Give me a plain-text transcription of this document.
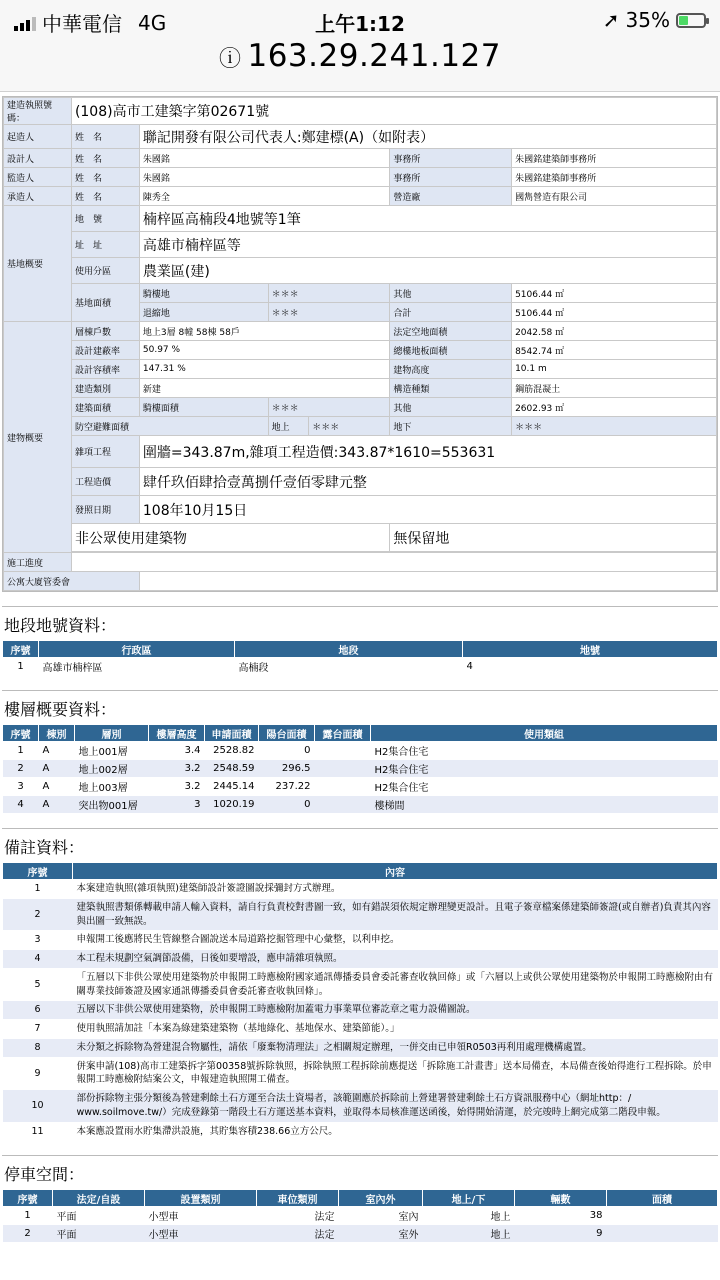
中華電信 4G	上午1:12	➚ 35%
ⓘ 163.29.241.127
建造執照號碼：	(108)高市工建築字第02671號					
起造人	姓　名	聯記開發有限公司代表人:鄭建標(A)（如附表）				
設計人	姓　名	朱國銘			事務所	朱國銘建築師事務所
監造人	姓　名	朱國銘			事務所	朱國銘建築師事務所
承造人	姓　名	陳秀全			營造廠	國雋營造有限公司
基地概要	地　號	楠梓區高楠段4地號等1筆				
	址　址	高雄市楠梓區等				
	使用分區	農業區(建)				
	基地面積	騎樓地	＊＊＊		其他	5106.44 ㎡
		退縮地	＊＊＊		合計	5106.44 ㎡
建物概要	層棟戶數	地上3層 8幢 58棟 58戶			法定空地面積	2042.58 ㎡
	設計建蔽率	50.97 %			總樓地板面積	8542.74 ㎡
	設計容積率	147.31 %			建物高度	10.1 m
	建造類別	新建			構造種類	鋼筋混凝土
	建築面積	騎樓面積	＊＊＊		其他	2602.93 ㎡
	防空避難面積		地上	＊＊＊	地下	＊＊＊
	雜項工程	圍牆=343.87m,雜項工程造價:343.87*1610=553631				
	工程造價	肆仟玖佰肆拾壹萬捌仟壹佰零肆元整				
	發照日期	108年10月15日				
	非公眾使用建築物				無保留地	

施工進度						
公寓大廈管委會						
地段地號資料：
序號	行政區	地段	地號
1	高雄市楠梓區	高楠段	4
樓層概要資料：
序號	棟別	層別	樓層高度	申請面積	陽台面積	露台面積	使用類組
1	A	地上001層	3.4	2528.82	0		H2集合住宅
2	A	地上002層	3.2	2548.59	296.5		H2集合住宅
3	A	地上003層	3.2	2445.14	237.22		H2集合住宅
4	A	突出物001層	3	1020.19	0		樓梯間
備註資料：
序號	內容
1	本案建造執照(雜項執照)建築師設計簽證圖說採彌封方式辦理。
2	建築執照書類係轉載申請人輸入資料，請自行負責校對書圖一致，如有錯誤須依規定辦理變更設計。且電子簽章檔案係建築師簽證(或自辦者)負責其內容與出圖一致無誤。
3	申報開工後應將民生管線整合圖說送本局道路挖掘管理中心彙整，以利申挖。
4	本工程未規劃空氣調節設備，日後如要增設，應申請雜項執照。
5	「五層以下非供公眾使用建築物於申報開工時應檢附國家通訊傳播委員會委託審查收執回條」或「六層以上或供公眾使用建築物於申報開工時應檢附由有關專業技師簽證及國家通訊傳播委員會委託審查收執回條」。
6	五層以下非供公眾使用建築物，於申報開工時應檢附加蓋電力事業單位審訖章之電力設備圖說。
7	使用執照請加註「本案為綠建築建築物（基地綠化、基地保水、建築節能）。」
8	未分類之拆除物為營建混合物屬性，請依「廢棄物清理法」之相關規定辦理，一併交由已申領R0503再利用處理機構處置。
9	併案申請(108)高市工建築拆字第00358號拆除執照，拆除執照工程拆除前應提送「拆除施工計畫書」送本局備查，本局備查後始得進行工程拆除。於申報開工時應檢附結案公文，申報建造執照開工備查。
10	部份拆除物主張分類後為營建剩餘土石方運至合法土資場者，該範圍應於拆除前上營建署營建剩餘土石方資訊服務中心（網址http：/ www.soilmove.tw/）完成登錄第一階段土石方運送基本資料，並取得本局核准運送函後，始得開始清運，於完竣時上網完成第二階段申報。
11	本案應設置雨水貯集滯洪設施，其貯集容積238.66立方公尺。
停車空間：
序號	法定/自設	設置類別	車位類別	室內外	地上/下	輛數	面積
1	平面	小型車	法定	室內	地上	38	
2	平面	小型車	法定	室外	地上	9	
